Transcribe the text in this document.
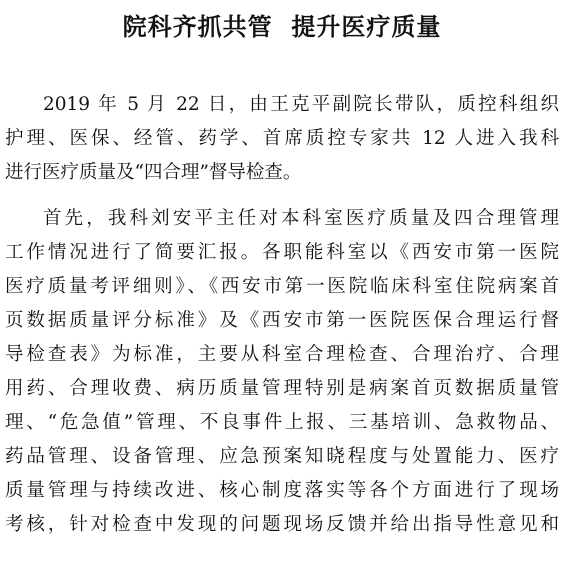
院科齐抓共管  提升医疗质量
2019 年 5 月 22 日，由王克平副院长带队，质控科组织
护理、医保、经管、药学、首席质控专家共 12 人进入我科
进行医疗质量及“四合理”督导检查。
首先，我科刘安平主任对本科室医疗质量及四合理管理
工作情况进行了简要汇报。各职能科室以《西安市第一医院
医疗质量考评细则》、《西安市第一医院临床科室住院病案首
页数据质量评分标准》及《西安市第一医院医保合理运行督
导检查表》为标准，主要从科室合理检查、合理治疗、合理
用药、合理收费、病历质量管理特别是病案首页数据质量管
理、“危急值”管理、不良事件上报、三基培训、急救物品、
药品管理、设备管理、应急预案知晓程度与处置能力、医疗
质量管理与持续改进、核心制度落实等各个方面进行了现场
考核，针对检查中发现的问题现场反馈并给出指导性意见和
